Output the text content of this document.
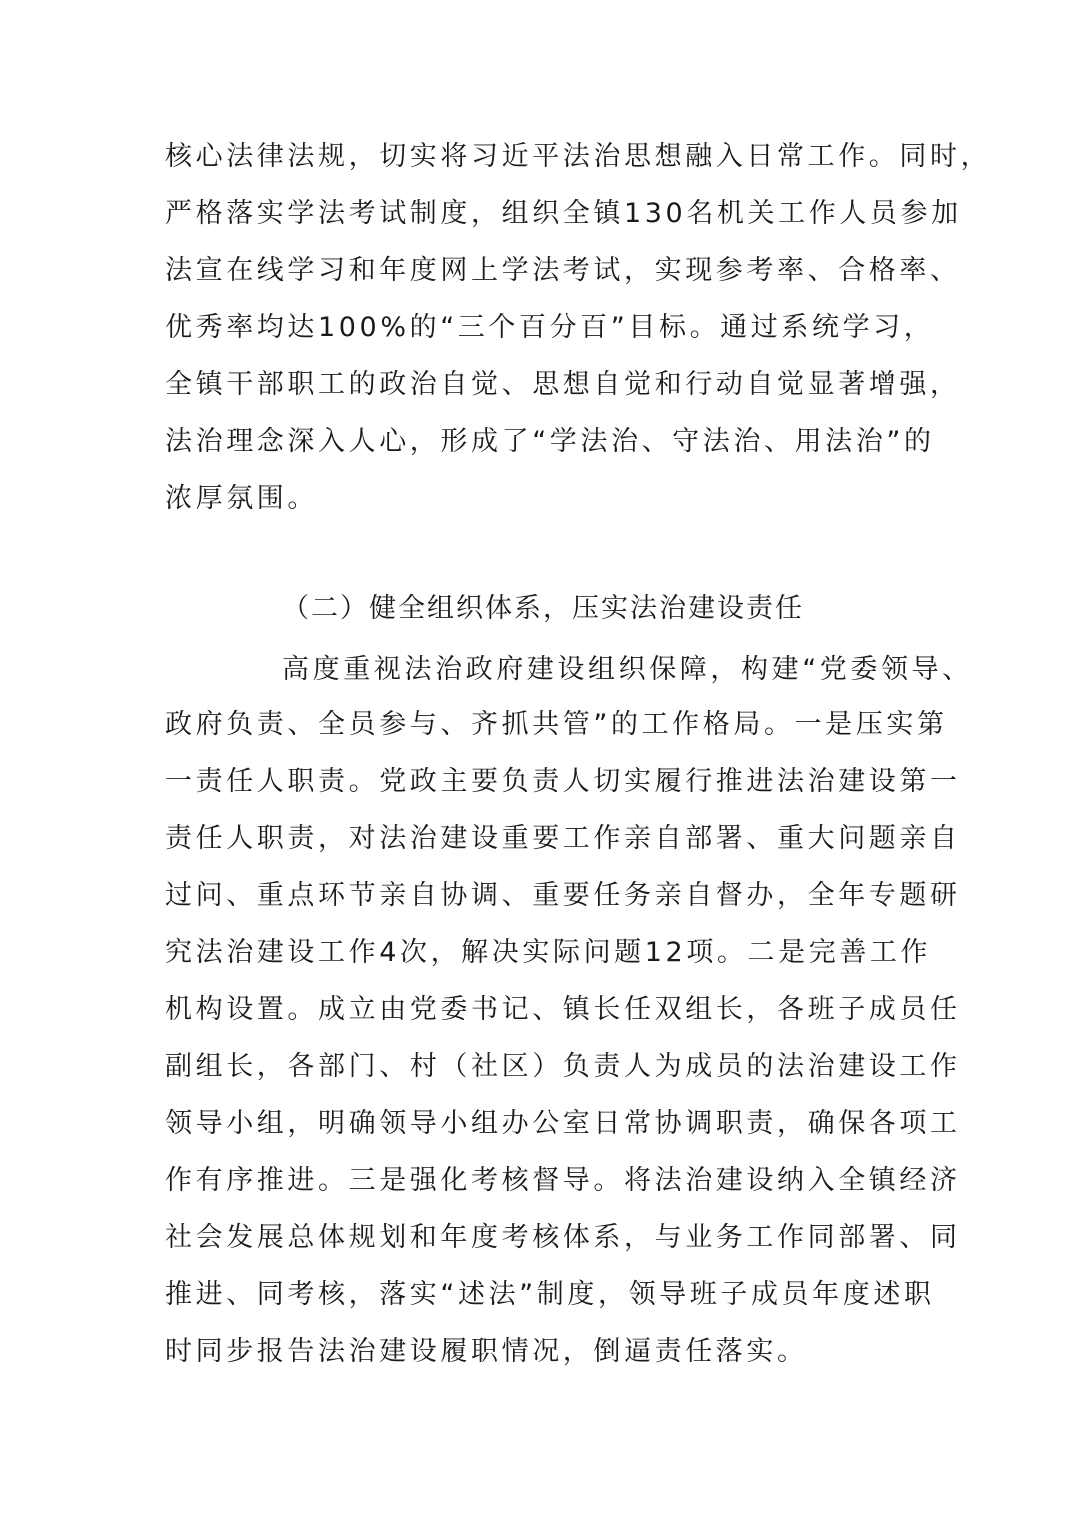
核心法律法规，切实将习近平法治思想融入日常工作。同时，

严格落实学法考试制度，组织全镇130名机关工作人员参加

法宣在线学习和年度网上学法考试，实现参考率、合格率、

优秀率均达100%的“三个百分百”目标。通过系统学习，

全镇干部职工的政治自觉、思想自觉和行动自觉显著增强，

法治理念深入人心，形成了“学法治、守法治、用法治”的

浓厚氛围。

（二）健全组织体系，压实法治建设责任

高度重视法治政府建设组织保障，构建“党委领导、

政府负责、全员参与、齐抓共管”的工作格局。一是压实第

一责任人职责。党政主要负责人切实履行推进法治建设第一

责任人职责，对法治建设重要工作亲自部署、重大问题亲自

过问、重点环节亲自协调、重要任务亲自督办，全年专题研

究法治建设工作4次，解决实际问题12项。二是完善工作

机构设置。成立由党委书记、镇长任双组长，各班子成员任

副组长，各部门、村（社区）负责人为成员的法治建设工作

领导小组，明确领导小组办公室日常协调职责，确保各项工

作有序推进。三是强化考核督导。将法治建设纳入全镇经济

社会发展总体规划和年度考核体系，与业务工作同部署、同

推进、同考核，落实“述法”制度，领导班子成员年度述职

时同步报告法治建设履职情况，倒逼责任落实。
